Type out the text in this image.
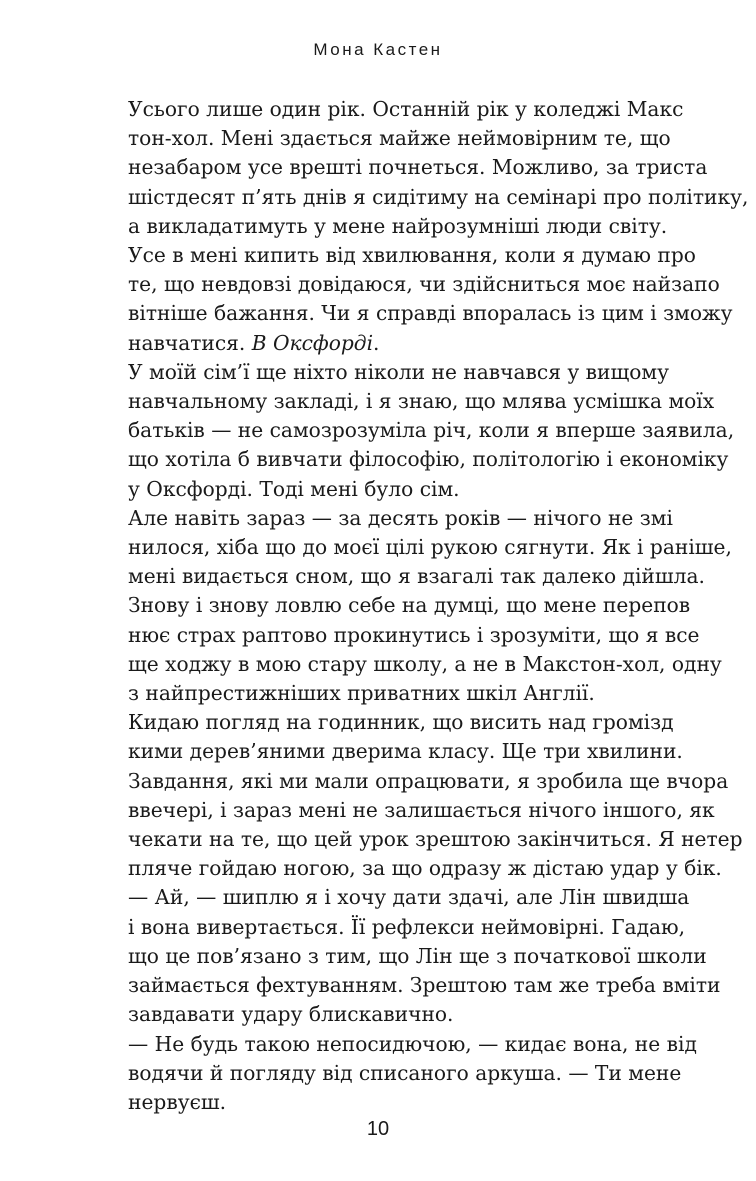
Мона Кастен

Усього лише один рік. Останній рік у коледжі Макс
тон-хол. Мені здається майже неймовірним те, що
незабаром усе врешті почнеться. Можливо, за триста
шістдесят п’ять днів я сидітиму на семінарі про політику,
а викладатимуть у мене найрозумніші люди світу.

Усе в мені кипить від хвилювання, коли я думаю про
те, що невдовзі довідаюся, чи здійсниться моє найзапо
вітніше бажання. Чи я справді впоралась із цим і зможу
навчатися. В Оксфорді.

У моїй сім’ї ще ніхто ніколи не навчався у вищому
навчальному закладі, і я знаю, що млява усмішка моїх
батьків — не самозрозуміла річ, коли я вперше заявила,
що хотіла б вивчати філософію, політологію і економіку
у Оксфорді. Тоді мені було сім.

Але навіть зараз — за десять років — нічого не змі
нилося, хіба що до моєї цілі рукою сягнути. Як і раніше,
мені видається сном, що я взагалі так далеко дійшла.
Знову і знову ловлю себе на думці, що мене перепов
нює страх раптово прокинутись і зрозуміти, що я все
ще ходжу в мою стару школу, а не в Макстон-хол, одну
з найпрестижніших приватних шкіл Англії.

Кидаю погляд на годинник, що висить над громізд
кими дерев’яними дверима класу. Ще три хвилини.
Завдання, які ми мали опрацювати, я зробила ще вчора
ввечері, і зараз мені не залишається нічого іншого, як
чекати на те, що цей урок зрештою закінчиться. Я нетер
пляче гойдаю ногою, за що одразу ж дістаю удар у бік.

— Ай, — шиплю я і хочу дати здачі, але Лін швидша
і вона вивертається. Її рефлекси неймовірні. Гадаю,
що це пов’язано з тим, що Лін ще з початкової школи
займається фехтуванням. Зрештою там же треба вміти
завдавати удару блискавично.

— Не будь такою непосидючою, — кидає вона, не від
водячи й погляду від списаного аркуша. — Ти мене
нервуєш.

10
